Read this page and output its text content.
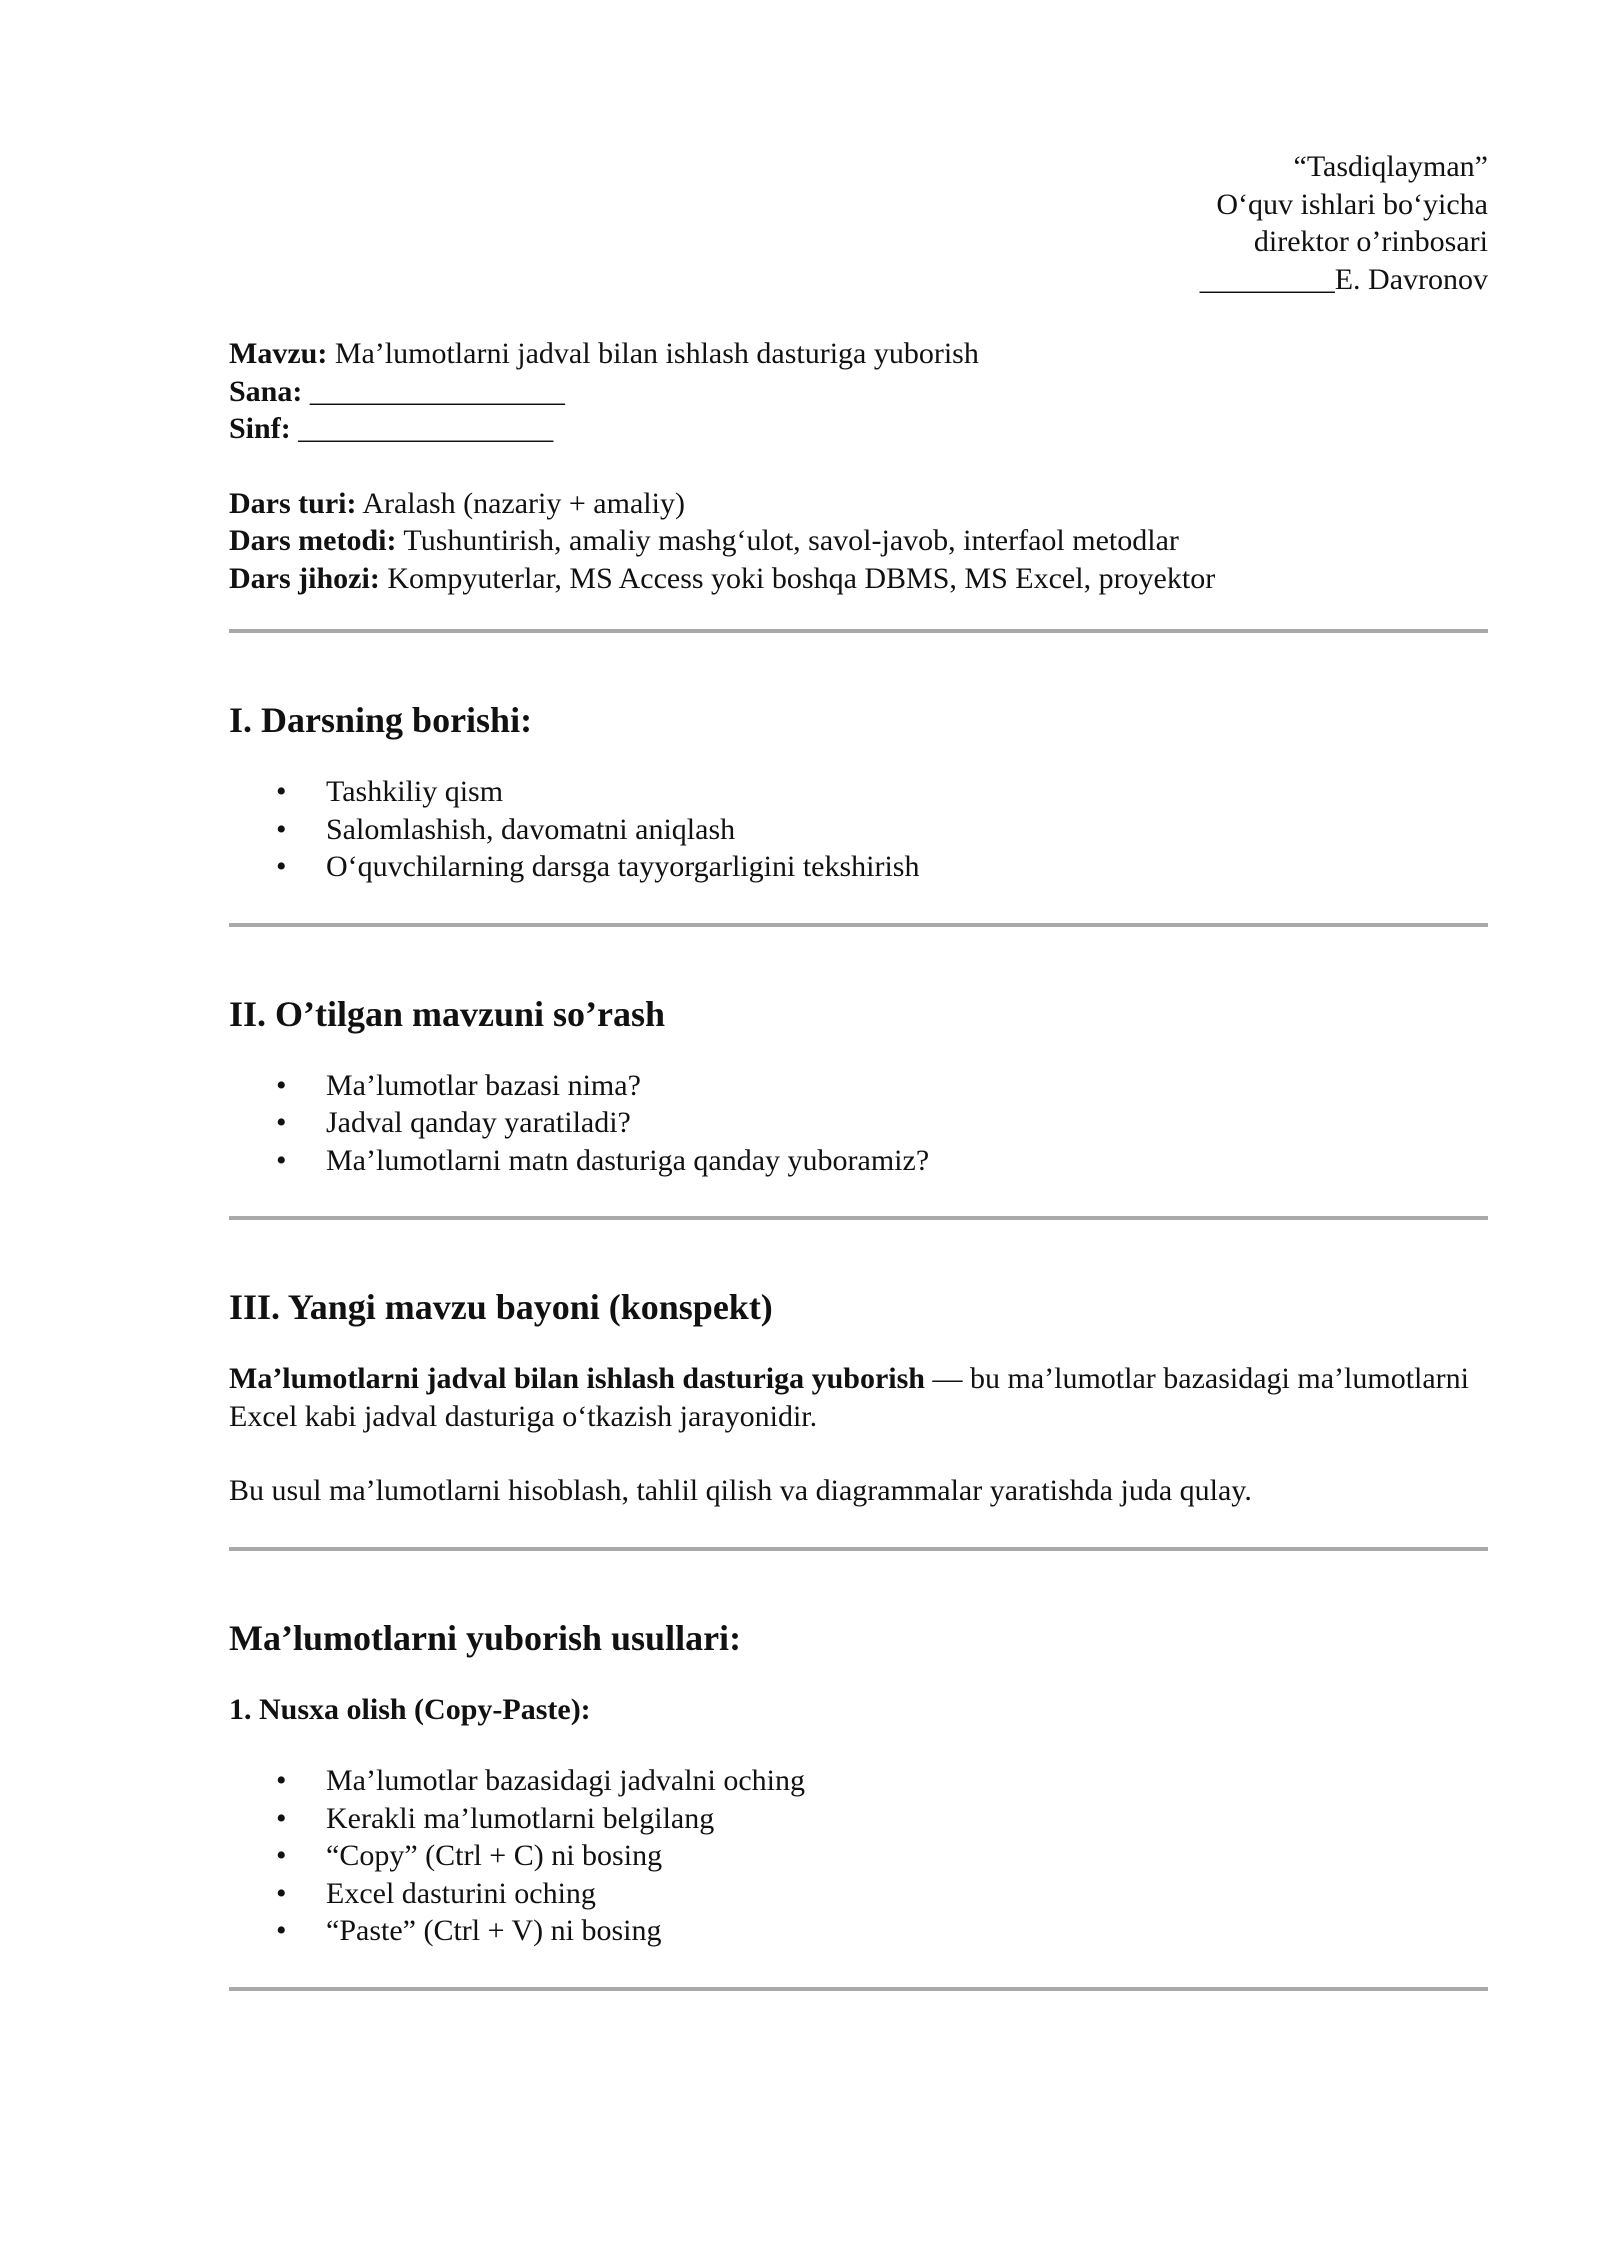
“Tasdiqlayman”
O‘quv ishlari bo‘yicha
direktor o’rinbosari
_________E. Davronov
Mavzu: Ma’lumotlarni jadval bilan ishlash dasturiga yuborish
Sana: _________________
Sinf: _________________
Dars turi: Aralash (nazariy + amaliy)
Dars metodi: Tushuntirish, amaliy mashg‘ulot, savol-javob, interfaol metodlar
Dars jihozi: Kompyuterlar, MS Access yoki boshqa DBMS, MS Excel, proyektor
I. Darsning borishi:
• Tashkiliy qism
• Salomlashish, davomatni aniqlash
• O‘quvchilarning darsga tayyorgarligini tekshirish
II. O’tilgan mavzuni so’rash
• Ma’lumotlar bazasi nima?
• Jadval qanday yaratiladi?
• Ma’lumotlarni matn dasturiga qanday yuboramiz?
III. Yangi mavzu bayoni (konspekt)

Ma’lumotlarni jadval bilan ishlash dasturiga yuborish — bu ma’lumotlar bazasidagi ma’lumotlarni Excel kabi jadval dasturiga o‘tkazish jarayonidir.

Bu usul ma’lumotlarni hisoblash, tahlil qilish va diagrammalar yaratishda juda qulay.

Ma’lumotlarni yuborish usullari:
1. Nusxa olish (Copy-Paste):
• Ma’lumotlar bazasidagi jadvalni oching
• Kerakli ma’lumotlarni belgilang
• “Copy” (Ctrl + C) ni bosing
• Excel dasturini oching
• “Paste” (Ctrl + V) ni bosing
